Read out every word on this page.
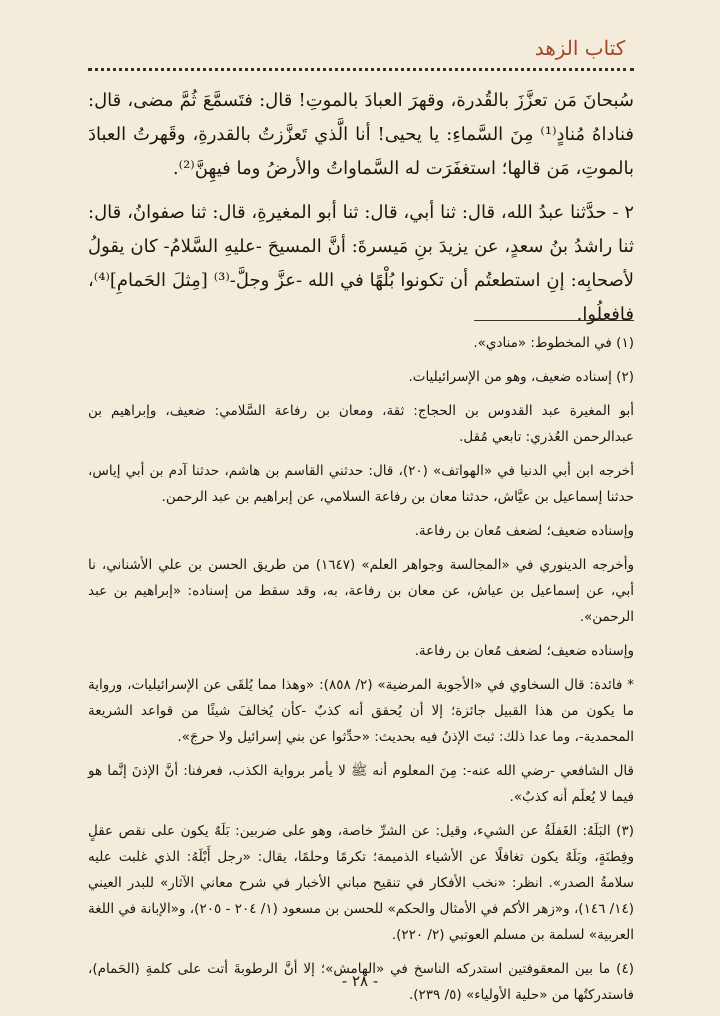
كتاب الزهد

سُبحانَ مَن تعزَّزَ بالقُدرة، وقهرَ العبادَ بالموتِ! قال: فتَسمَّعَ ثُمَّ مضى، قال: فناداهُ مُنادٍ⁽¹⁾ مِنَ السَّماءِ: يا يحيى! أنا الَّذي تَعزَّزتُ بالقدرةِ، وقَهرتُ العبادَ بالموتِ، مَن قالها؛ استغفَرَت له السَّماواتُ والأرضُ وما فيهِنَّ⁽²⁾.

٢ - حدَّثنا عبدُ الله، قال: ثنا أبي، قال: ثنا أبو المغيرةِ، قال: ثنا صفوانُ، قال: ثنا راشدُ بنُ سعدٍ، عن يزيدَ بنِ مَيسرةَ: أنَّ المسيحَ -عليهِ السَّلامُ- كان يقولُ لأصحابِه: إنِ استطعتُم أن تكونوا بُلْهًا في الله -عزَّ وجلَّ-⁽³⁾ [مِثلَ الحَمامِ]⁽⁴⁾، فافعلُوا.

(١) في المخطوط: «منادي».

(٢) إسناده ضعيف، وهو من الإسرائيليات.

أبو المغيرة عبد القدوس بن الحجاج: ثقة، ومعان بن رفاعة السَّلامي: ضعيف، وإبراهيم بن عبدالرحمن العُذري: تابعي مُقل.

أخرجه ابن أبي الدنيا في «الهواتف» (٢٠)، قال: حدثني القاسم بن هاشم، حدثنا آدم بن أبي إياس، حدثنا إسماعيل بن عيَّاش، حدثنا معان بن رفاعة السلامي، عن إبراهيم بن عبد الرحمن.

وإسناده ضعيف؛ لضعف مُعان بن رفاعة.

وأخرجه الدينوري في «المجالسة وجواهر العلم» (١٦٤٧) من طريق الحسن بن علي الأشناني، نا أبي، عن إسماعيل بن عياش، عن معان بن رفاعة، به، وقد سقط من إسناده: «إبراهيم بن عبد الرحمن».

وإسناده ضعيف؛ لضعف مُعان بن رفاعة.

* فائدة: قال السخاوي في «الأجوبة المرضية» (٢/ ٨٥٨): «وهذا مما يُلقَى عن الإسرائيليات، ورواية ما يكون من هذا القبيل جائزة؛ إلا أن يُحقق أنه كذبٌ -كأن يُخالفَ شيئًا من قواعد الشريعة المحمدية-، وما عدا ذلك: ثبتَ الإذنُ فيه بحديث: «حدِّثوا عن بني إسرائيل ولا حرجَ».

قال الشافعي -رضي الله عنه-: مِنَ المعلوم أنه ﷺ لا يأمر برواية الكذب، فعرفنا: أنَّ الإذنَ إنَّما هو فيما لا يُعلَم أنه كذبٌ».

(٣) البَلَهُ: الغَفلَةُ عن الشيء، وقيل: عن الشرِّ خاصة، وهو على ضربين: بَلَهٌ يكون على نقص عقلٍ وفِطنَةٍ، وبَلَهٌ يكون تغافلًا عن الأشياء الذميمة؛ تكرمًا وحلمًا، يقال: «رجل أَبْلَهُ: الذي غلبت عليه سلامةُ الصدر». انظر: «نخب الأفكار في تنقيح مباني الأخبار في شرح معاني الآثار» للبدر العيني (١٤/ ١٤٦)، و«زهر الأكم في الأمثال والحكم» للحسن بن مسعود (١/ ٢٠٤ - ٢٠٥)، و«الإبانة في اللغة العربية» لسلمة بن مسلم العوتبي (٢/ ٢٢٠).

(٤) ما بين المعقوفتين استدركه الناسخ في «الهامش»؛ إلا أنَّ الرطوبةَ أتت على كلمةِ (الحَمام)، فاستدركتُها من «حلية الأولياء» (٥/ ٢٣٩).

- ٢٨ -
